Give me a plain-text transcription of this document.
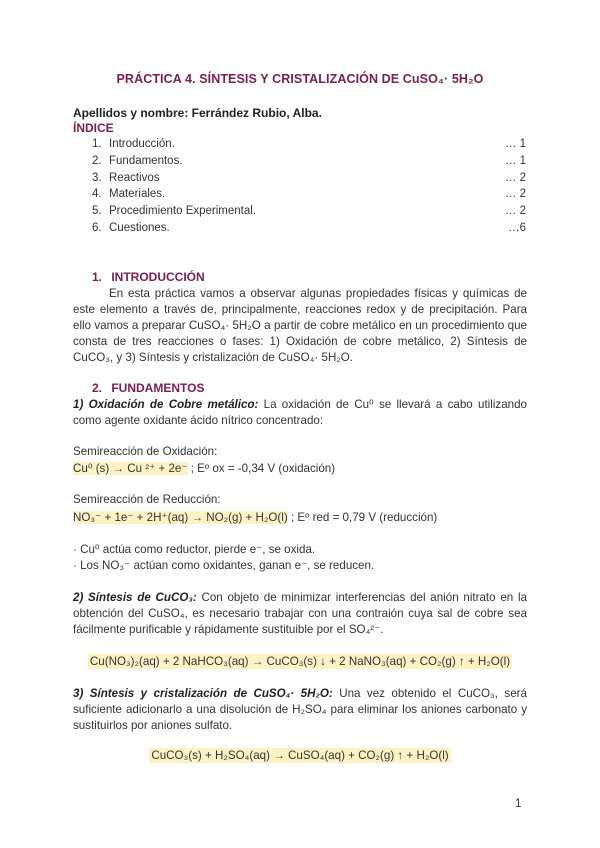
PRÁCTICA 4. SÍNTESIS Y CRISTALIZACIÓN DE CuSO₄· 5H₂O
Apellidos y nombre: Ferrández Rubio, Alba.
ÍNDICE
1. Introducción.	… 1
2. Fundamentos.	… 1
3. Reactivos	… 2
4. Materiales.	… 2
5. Procedimiento Experimental.	… 2
6. Cuestiones.	…6
1. INTRODUCCIÓN
En esta práctica vamos a observar algunas propiedades físicas y químicas de este elemento a través de, principalmente, reacciones redox y de precipitación. Para ello vamos a preparar CuSO₄· 5H₂O a partir de cobre metálico en un procedimiento que consta de tres reacciones o fases: 1) Oxidación de cobre metálico, 2) Síntesis de CuCO₃, y 3) Síntesis y cristalización de CuSO₄· 5H₂O.
2. FUNDAMENTOS
1) Oxidación de Cobre metálico: La oxidación de Cu⁰ se llevará a cabo utilizando como agente oxidante ácido nítrico concentrado:
Semireacción de Oxidación:
Cu⁰ (s) → Cu ²⁺ + 2e⁻ ; Eº ox = -0,34 V (oxidación)
Semireacción de Reducción:
NO₃⁻ + 1e⁻ + 2H⁺(aq) → NO₂(g) + H₂O(l) ; Eº red = 0,79 V (reducción)
· Cu⁰ actúa como reductor, pierde e⁻, se oxida.
· Los NO₃⁻ actúan como oxidantes, ganan e⁻, se reducen.
2) Síntesis de CuCO₃: Con objeto de minimizar interferencias del anión nitrato en la obtención del CuSO₄, es necesario trabajar con una contraión cuya sal de cobre sea fácilmente purificable y rápidamente sustituible por el SO₄²⁻.
Cu(NO₃)₂(aq) + 2 NaHCO₃(aq) → CuCO₃(s) ↓ + 2 NaNO₃(aq) + CO₂(g) ↑ + H₂O(l)
3) Síntesis y cristalización de CuSO₄· 5H₂O: Una vez obtenido el CuCO₃, será suficiente adicionarlo a una disolución de H₂SO₄ para eliminar los aniones carbonato y sustituirlos por aniones sulfato.
CuCO₃(s) + H₂SO₄(aq) → CuSO₄(aq) + CO₂(g) ↑ + H₂O(l)
1
